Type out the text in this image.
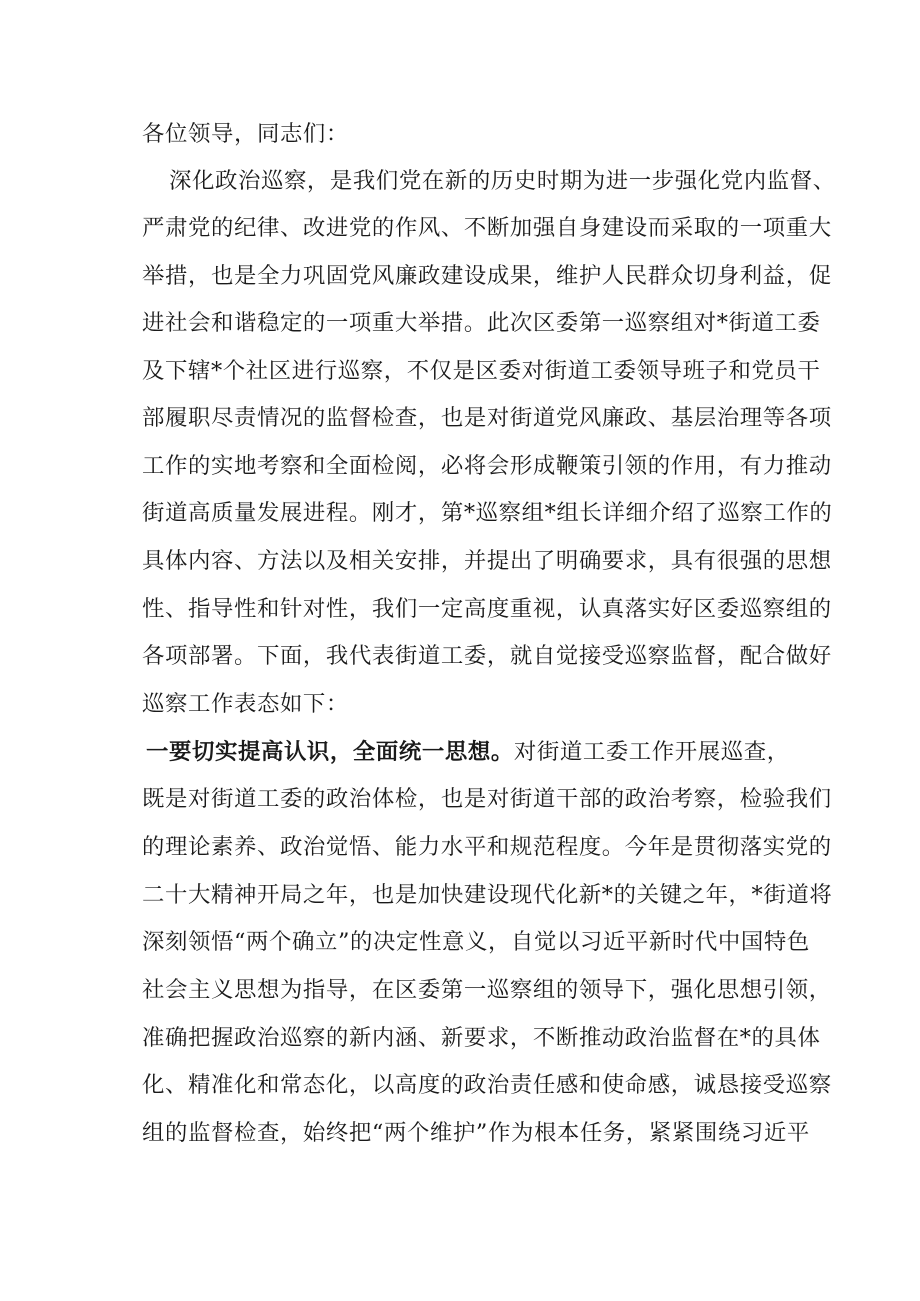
各位领导，同志们：
　深化政治巡察，是我们党在新的历史时期为进一步强化党内监督、
严肃党的纪律、改进党的作风、不断加强自身建设而采取的一项重大
举措，也是全力巩固党风廉政建设成果，维护人民群众切身利益，促
进社会和谐稳定的一项重大举措。此次区委第一巡察组对*街道工委
及下辖*个社区进行巡察，不仅是区委对街道工委领导班子和党员干
部履职尽责情况的监督检查，也是对街道党风廉政、基层治理等各项
工作的实地考察和全面检阅，必将会形成鞭策引领的作用，有力推动
街道高质量发展进程。刚才，第*巡察组*组长详细介绍了巡察工作的
具体内容、方法以及相关安排，并提出了明确要求，具有很强的思想
性、指导性和针对性，我们一定高度重视，认真落实好区委巡察组的
各项部署。下面，我代表街道工委，就自觉接受巡察监督，配合做好
巡察工作表态如下：
一要切实提高认识，全面统一思想。对街道工委工作开展巡查，
既是对街道工委的政治体检，也是对街道干部的政治考察，检验我们
的理论素养、政治觉悟、能力水平和规范程度。今年是贯彻落实党的
二十大精神开局之年，也是加快建设现代化新*的关键之年，*街道将
深刻领悟“两个确立”的决定性意义，自觉以习近平新时代中国特色
社会主义思想为指导，在区委第一巡察组的领导下，强化思想引领，
准确把握政治巡察的新内涵、新要求，不断推动政治监督在*的具体
化、精准化和常态化，以高度的政治责任感和使命感，诚恳接受巡察
组的监督检查，始终把“两个维护”作为根本任务，紧紧围绕习近平
